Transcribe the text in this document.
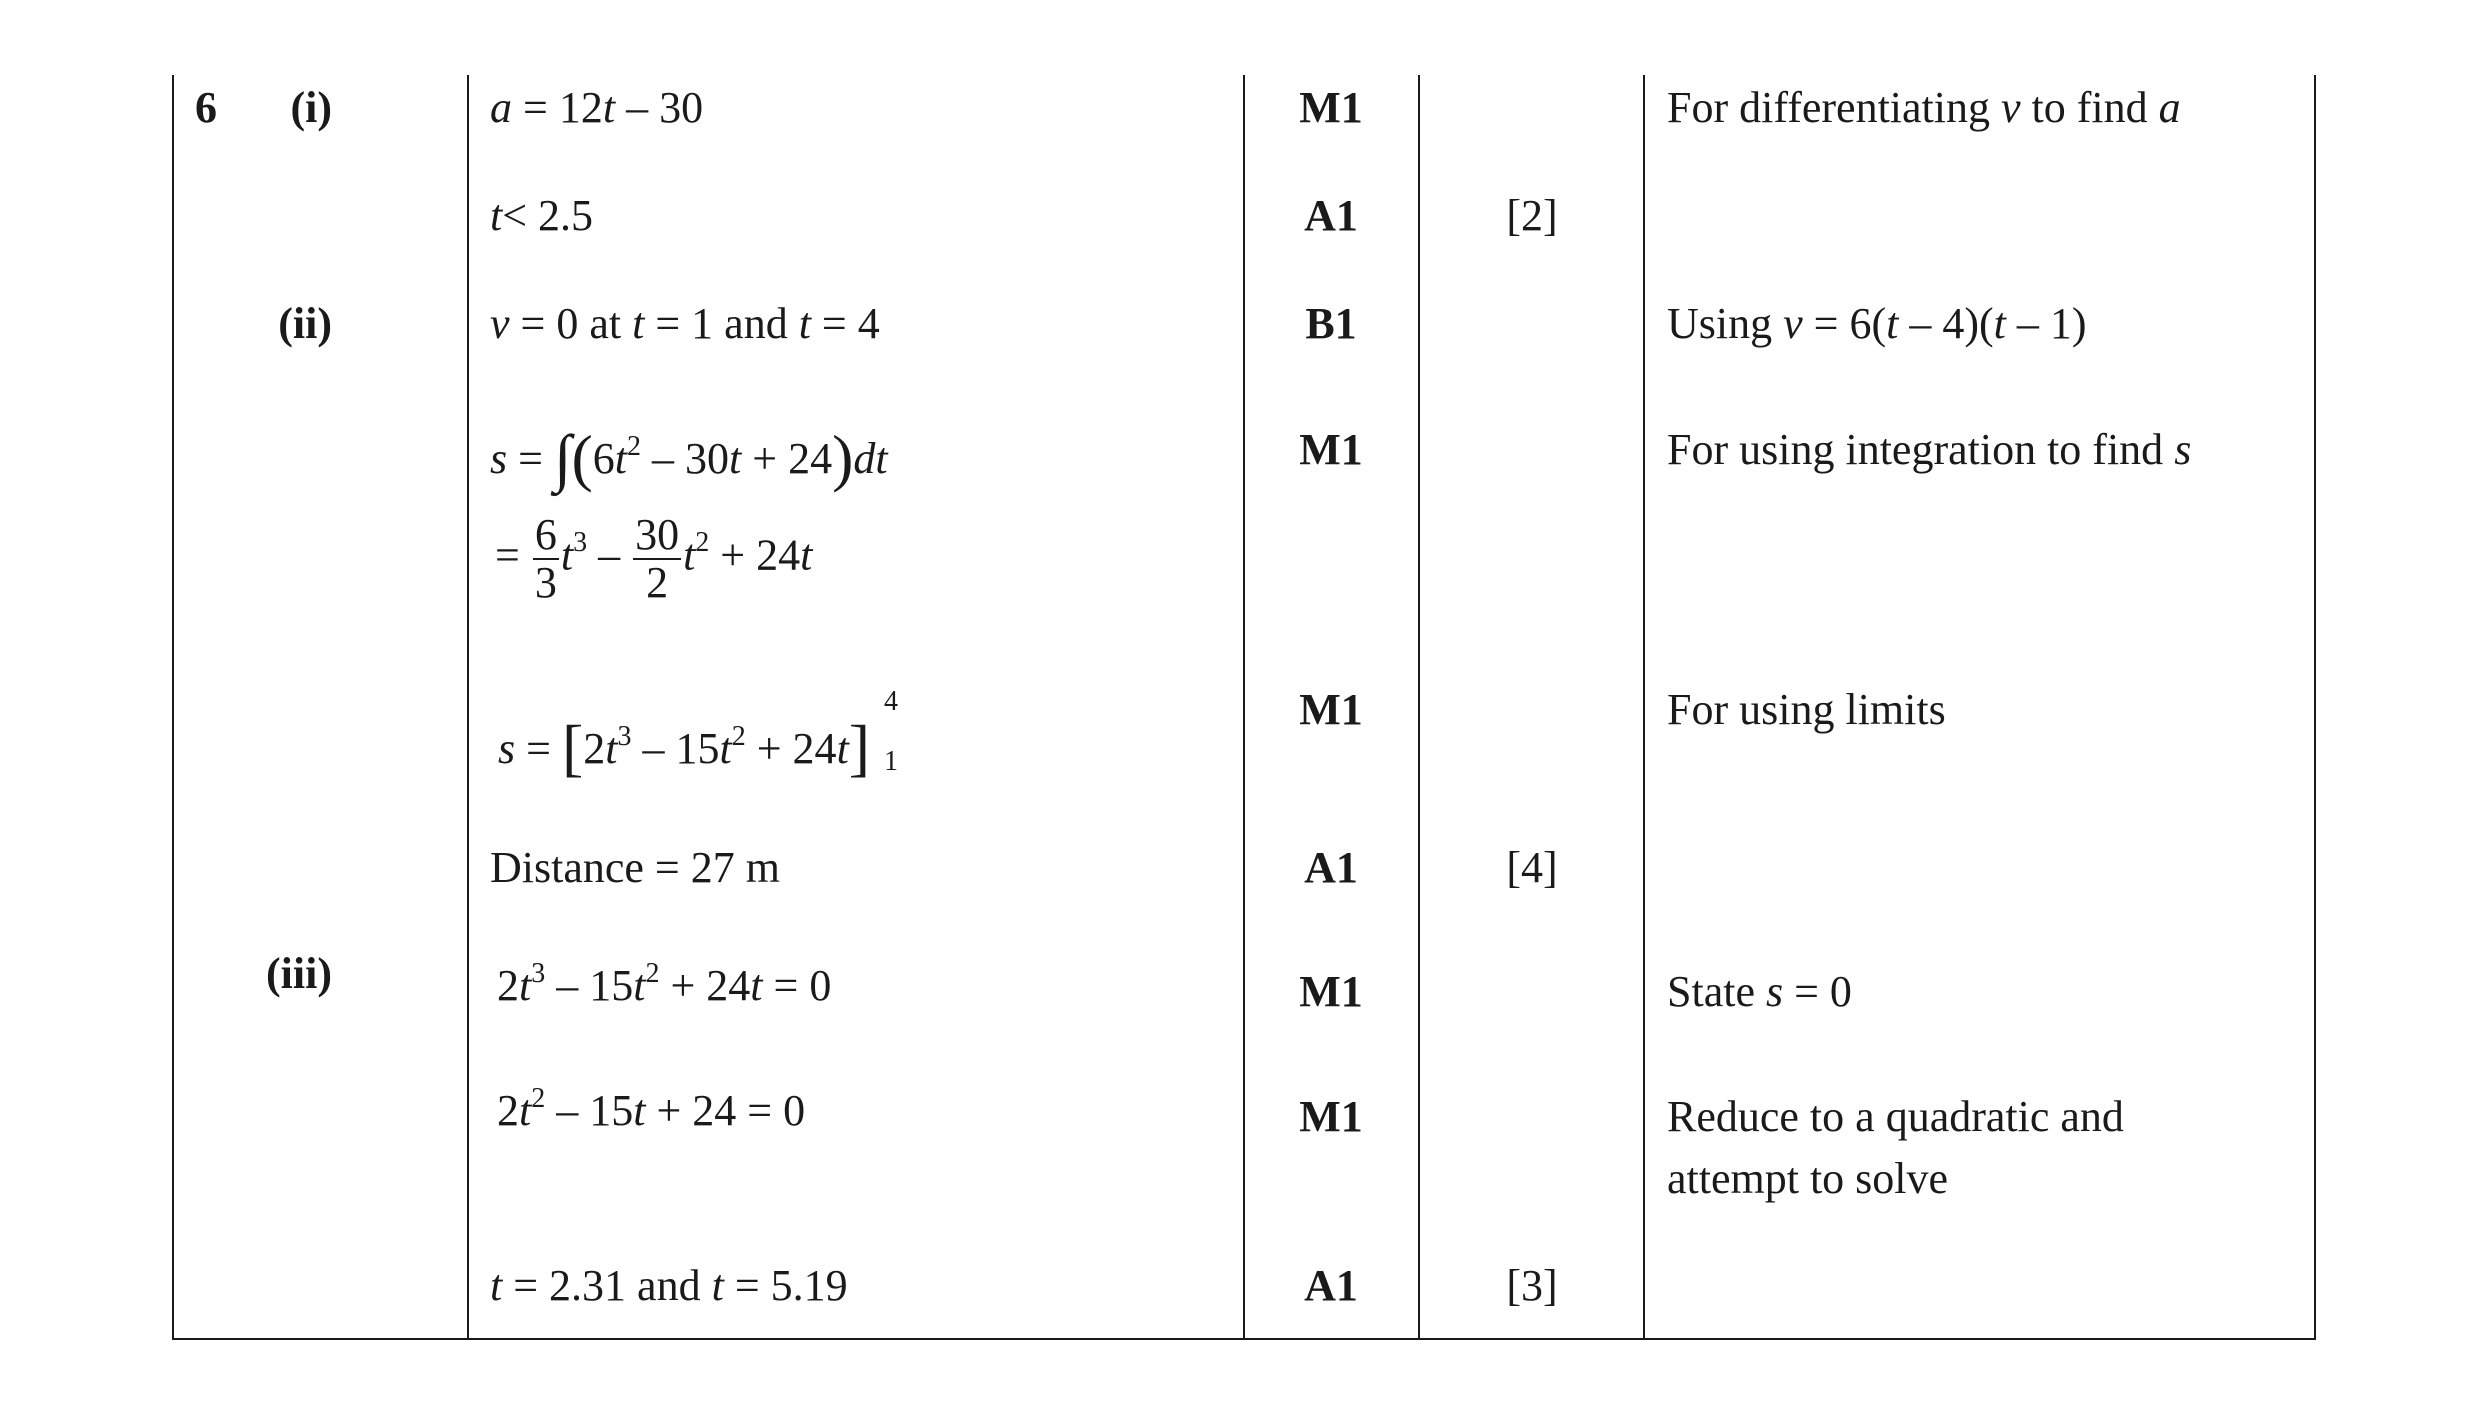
6 (i)
(ii)
(iii)
a = 12t – 30
t< 2.5
v = 0 at t = 1 and t = 4
$s = \int(6t^2 - 30t + 24)dt$
= $\frac{6}{3} t^3 - \frac{30}{2} t^2 + 24t$
$s = [2t^3 - 15t^2 + 24t]$
4
1
Distance = 27 m
$2t^3 - 15t^2 + 24t = 0$
$2t^2 - 15t + 24 = 0$
t = 2.31 and t = 5.19
M1
A1
B1
M1
M1
A1
M1
M1
A1
[2]
[4]
[3]
For differentiating v to find a
Using v = 6(t – 4)(t – 1)
For using integration to find s
For using limits
State s = 0
Reduce to a quadratic and
attempt to solve
